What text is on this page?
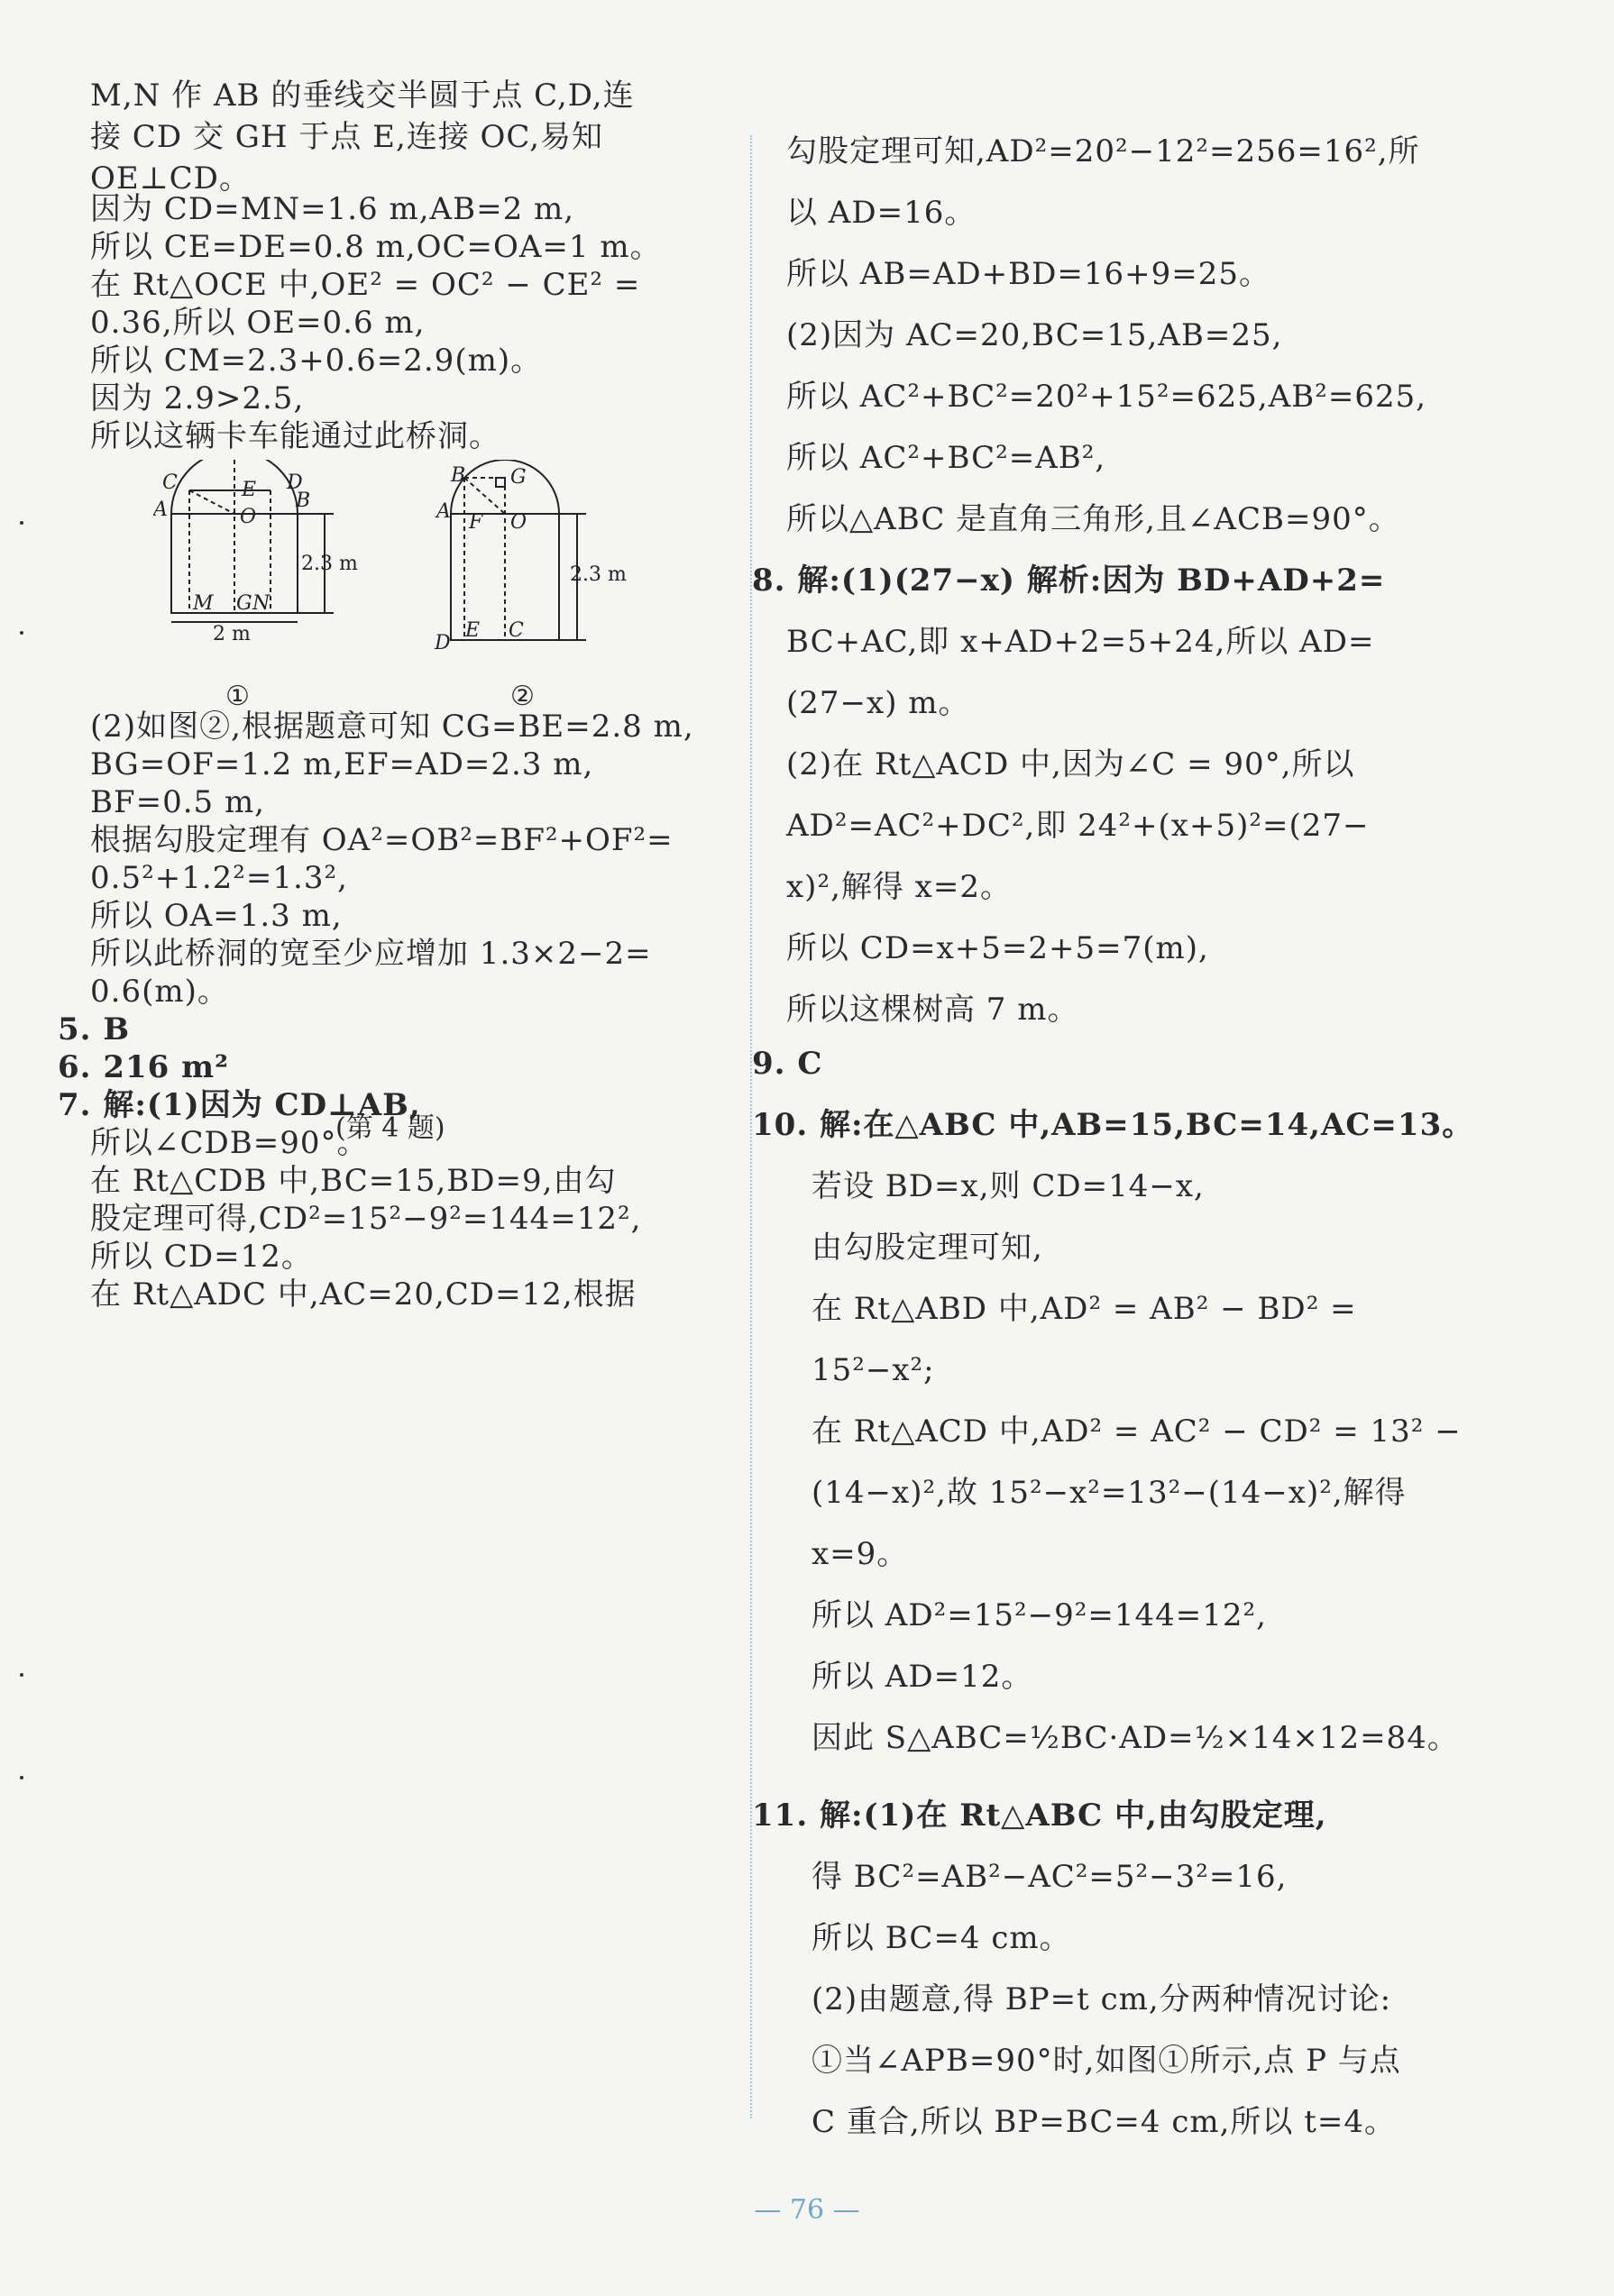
M,N 作 AB 的垂线交半圆于点 C,D,连
接 CD 交 GH 于点 E,连接 OC,易知
OE⊥CD。
因为 CD=MN=1.6 m,AB=2 m,
所以 CE=DE=0.8 m,OC=OA=1 m。
在 Rt△OCE 中,OE² = OC² − CE² =
0.36,所以 OE=0.6 m,
所以 CM=2.3+0.6=2.9(m)。
因为 2.9>2.5,
所以这辆卡车能通过此桥洞。
(2)如图②,根据题意可知 CG=BE=2.8 m,
BG=OF=1.2 m,EF=AD=2.3 m,
BF=0.5 m,
根据勾股定理有 OA²=OB²=BF²+OF²=
0.5²+1.2²=1.3²,
所以 OA=1.3 m,
所以此桥洞的宽至少应增加 1.3×2−2=
0.6(m)。
5. B
6. 216 m²
7. 解:(1)因为 CD⊥AB,
所以∠CDB=90°。
在 Rt△CDB 中,BC=15,BD=9,由勾
股定理可得,CD²=15²−9²=144=12²,
所以 CD=12。
在 Rt△ADC 中,AC=20,CD=12,根据
C	D
A	B
E
O
M G N
2.3 m
2 m
B G
A F O
D
E C
2.3 m
①	②
(第 4 题)
勾股定理可知,AD²=20²−12²=256=16²,所
以 AD=16。
所以 AB=AD+BD=16+9=25。
(2)因为 AC=20,BC=15,AB=25,
所以 AC²+BC²=20²+15²=625,AB²=625,
所以 AC²+BC²=AB²,
所以△ABC 是直角三角形,且∠ACB=90°。
8. 解:(1)(27−x) 解析:因为 BD+AD+2=
BC+AC,即 x+AD+2=5+24,所以 AD=
(27−x) m。
(2)在 Rt△ACD 中,因为∠C = 90°,所以
AD²=AC²+DC²,即 24²+(x+5)²=(27−
x)²,解得 x=2。
所以 CD=x+5=2+5=7(m),
所以这棵树高 7 m。
9. C
10. 解:在△ABC 中,AB=15,BC=14,AC=13。
若设 BD=x,则 CD=14−x,
由勾股定理可知,
在 Rt△ABD 中,AD² = AB² − BD² =
15²−x²;
在 Rt△ACD 中,AD² = AC² − CD² = 13² −
(14−x)²,故 15²−x²=13²−(14−x)²,解得
x=9。
所以 AD²=15²−9²=144=12²,
所以 AD=12。
因此 S△ABC=½BC·AD=½×14×12=84。
11. 解:(1)在 Rt△ABC 中,由勾股定理,
得 BC²=AB²−AC²=5²−3²=16,
所以 BC=4 cm。
(2)由题意,得 BP=t cm,分两种情况讨论:
①当∠APB=90°时,如图①所示,点 P 与点
C 重合,所以 BP=BC=4 cm,所以 t=4。
— 76 —
